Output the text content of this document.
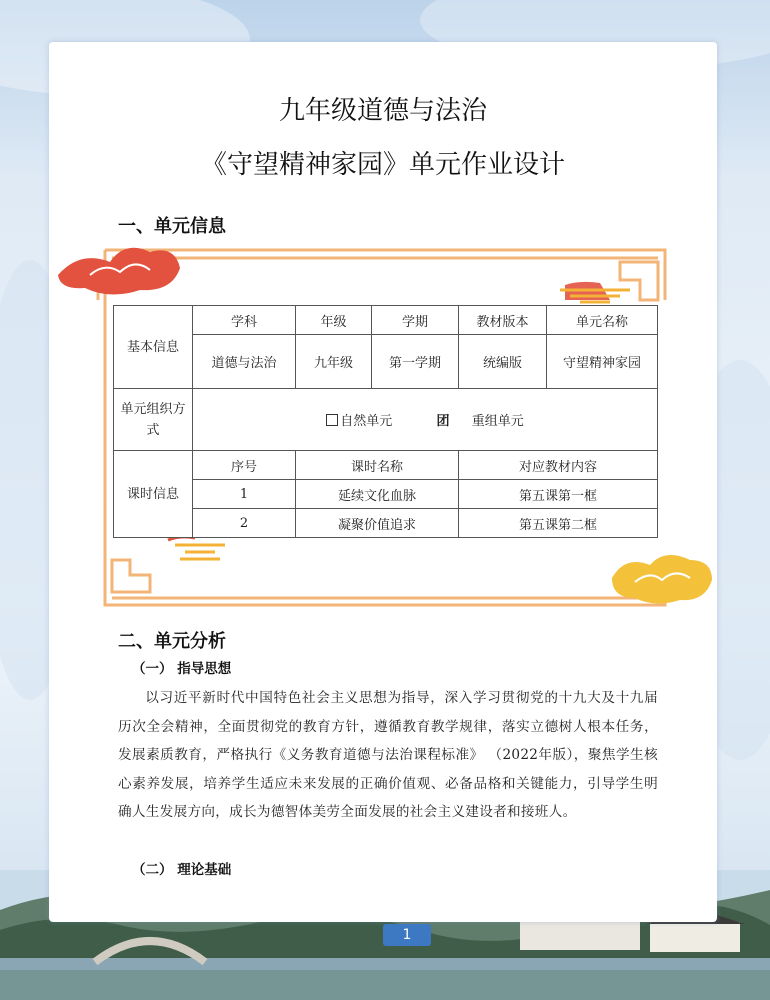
九年级道德与法治
《守望精神家园》单元作业设计
一、单元信息
基本信息	学科	年级	学期	教材版本	单元名称
	道德与法治	九年级	第一学期	统编版	守望精神家园
单元组织方式	自然单元 团 重组单元				
课时信息	序号	课时名称		对应教材内容	
	1	延续文化血脉		第五课第一框	
	2	凝聚价值追求		第五课第二框	
二、单元分析
（一） 指导思想
以习近平新时代中国特色社会主义思想为指导，深入学习贯彻党的十九大及十九届历次全会精神，全面贯彻党的教育方针，遵循教育教学规律，落实立德树人根本任务，发展素质教育，严格执行《义务教育道德与法治课程标准》 （2022年版），聚焦学生核心素养发展，培养学生适应未来发展的正确价值观、必备品格和关键能力，引导学生明确人生发展方向，成长为德智体美劳全面发展的社会主义建设者和接班人。
（二） 理论基础
1
